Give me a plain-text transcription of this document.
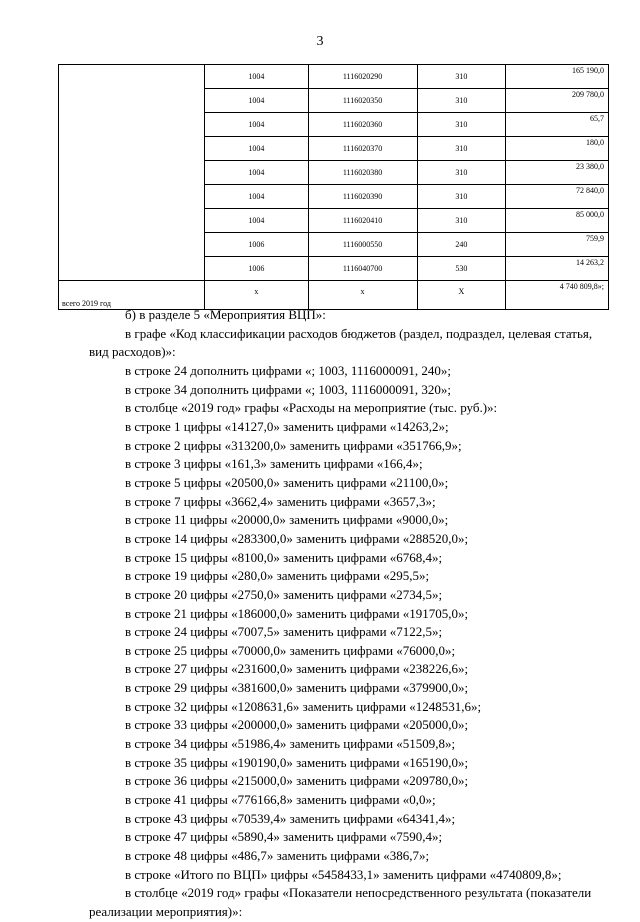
3
	1004	1116020290	310	165 190,0
	1004	1116020350	310	209 780,0
	1004	1116020360	310	65,7
	1004	1116020370	310	180,0
	1004	1116020380	310	23 380,0
	1004	1116020390	310	72 840,0
	1004	1116020410	310	85 000,0
	1006	1116000550	240	759,9
	1006	1116040700	530	14 263,2
всего 2019 год	x	x	X	4 740 809,8»;

б) в разделе 5 «Мероприятия ВЦП»:

в графе «Код классификации расходов бюджетов (раздел, подраздел, целевая статья, вид расходов)»:

в строке 24 дополнить цифрами «; 1003, 1116000091, 240»;

в строке 34 дополнить цифрами «; 1003, 1116000091, 320»;

в столбце «2019 год» графы «Расходы на мероприятие (тыс. руб.)»:

в строке 1 цифры «14127,0» заменить цифрами «14263,2»;

в строке 2 цифры «313200,0» заменить цифрами «351766,9»;

в строке 3 цифры «161,3» заменить цифрами «166,4»;

в строке 5 цифры «20500,0» заменить цифрами «21100,0»;

в строке 7 цифры «3662,4» заменить цифрами «3657,3»;

в строке 11 цифры «20000,0» заменить цифрами «9000,0»;

в строке 14 цифры «283300,0» заменить цифрами «288520,0»;

в строке 15 цифры «8100,0» заменить цифрами «6768,4»;

в строке 19 цифры «280,0» заменить цифрами «295,5»;

в строке 20 цифры «2750,0» заменить цифрами «2734,5»;

в строке 21 цифры «186000,0» заменить цифрами «191705,0»;

в строке 24 цифры «7007,5» заменить цифрами «7122,5»;

в строке 25 цифры «70000,0» заменить цифрами «76000,0»;

в строке 27 цифры «231600,0» заменить цифрами «238226,6»;

в строке 29 цифры «381600,0» заменить цифрами «379900,0»;

в строке 32 цифры «1208631,6» заменить цифрами «1248531,6»;

в строке 33 цифры «200000,0» заменить цифрами «205000,0»;

в строке 34 цифры «51986,4» заменить цифрами «51509,8»;

в строке 35 цифры «190190,0» заменить цифрами «165190,0»;

в строке 36 цифры «215000,0» заменить цифрами «209780,0»;

в строке 41 цифры «776166,8» заменить цифрами «0,0»;

в строке 43 цифры «70539,4» заменить цифрами «64341,4»;

в строке 47 цифры «5890,4» заменить цифрами «7590,4»;

в строке 48 цифры «486,7» заменить цифрами «386,7»;

в строке «Итого по ВЦП» цифры «5458433,1» заменить цифрами «4740809,8»;

в столбце «2019 год» графы «Показатели непосредственного результата (показатели реализации мероприятия)»:
